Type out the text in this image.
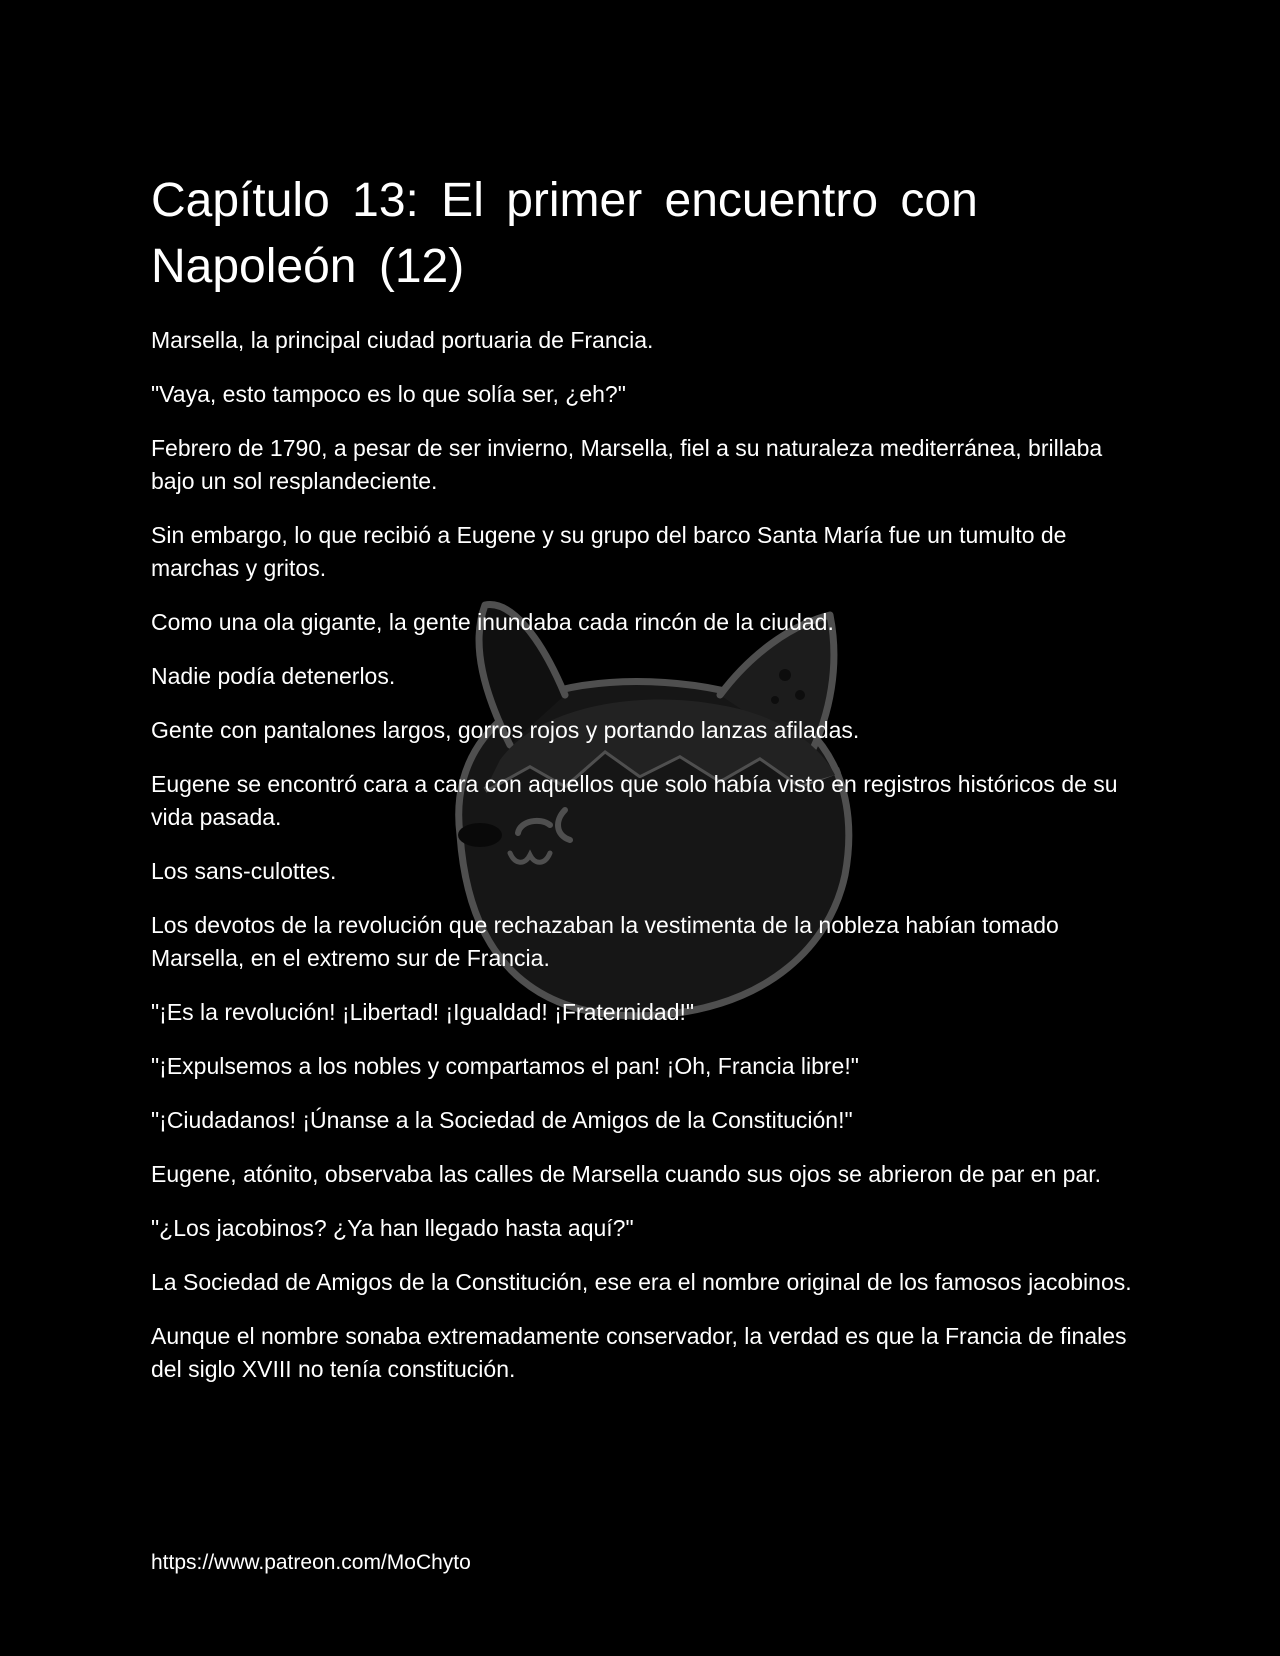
Capítulo 13: El primer encuentro con Napoleón (12)

Marsella, la principal ciudad portuaria de Francia.

"Vaya, esto tampoco es lo que solía ser, ¿eh?"

Febrero de 1790, a pesar de ser invierno, Marsella, fiel a su naturaleza mediterránea, brillaba bajo un sol resplandeciente.

Sin embargo, lo que recibió a Eugene y su grupo del barco Santa María fue un tumulto de marchas y gritos.

Como una ola gigante, la gente inundaba cada rincón de la ciudad.

Nadie podía detenerlos.

Gente con pantalones largos, gorros rojos y portando lanzas afiladas.

Eugene se encontró cara a cara con aquellos que solo había visto en registros históricos de su vida pasada.

Los sans-culottes.

Los devotos de la revolución que rechazaban la vestimenta de la nobleza habían tomado Marsella, en el extremo sur de Francia.

"¡Es la revolución! ¡Libertad! ¡Igualdad! ¡Fraternidad!"

"¡Expulsemos a los nobles y compartamos el pan! ¡Oh, Francia libre!"

"¡Ciudadanos! ¡Únanse a la Sociedad de Amigos de la Constitución!"

Eugene, atónito, observaba las calles de Marsella cuando sus ojos se abrieron de par en par.

"¿Los jacobinos? ¿Ya han llegado hasta aquí?"

La Sociedad de Amigos de la Constitución, ese era el nombre original de los famosos jacobinos.

Aunque el nombre sonaba extremadamente conservador, la verdad es que la Francia de finales del siglo XVIII no tenía constitución.

https://www.patreon.com/MoChyto
